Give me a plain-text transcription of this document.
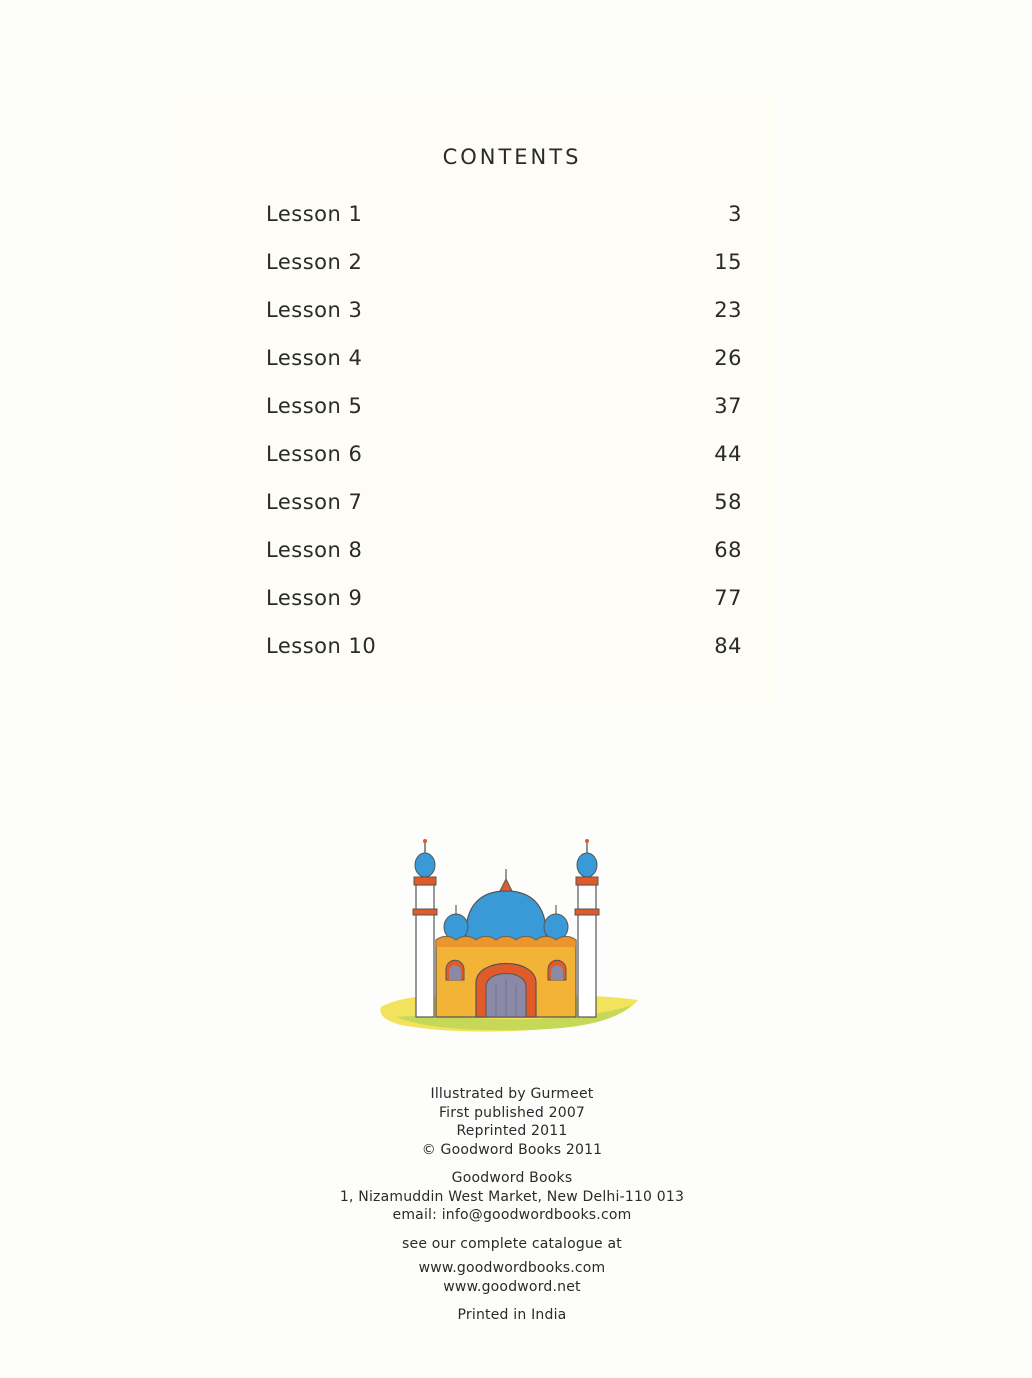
CONTENTS
Lesson 1	3
Lesson 2	15
Lesson 3	23
Lesson 4	26
Lesson 5	37
Lesson 6	44
Lesson 7	58
Lesson 8	68
Lesson 9	77
Lesson 10	84
Illustrated by Gurmeet
First published 2007
Reprinted 2011
© Goodword Books 2011
Goodword Books
1, Nizamuddin West Market, New Delhi-110 013
email: info@goodwordbooks.com
see our complete catalogue at
www.goodwordbooks.com
www.goodword.net
Printed in India
